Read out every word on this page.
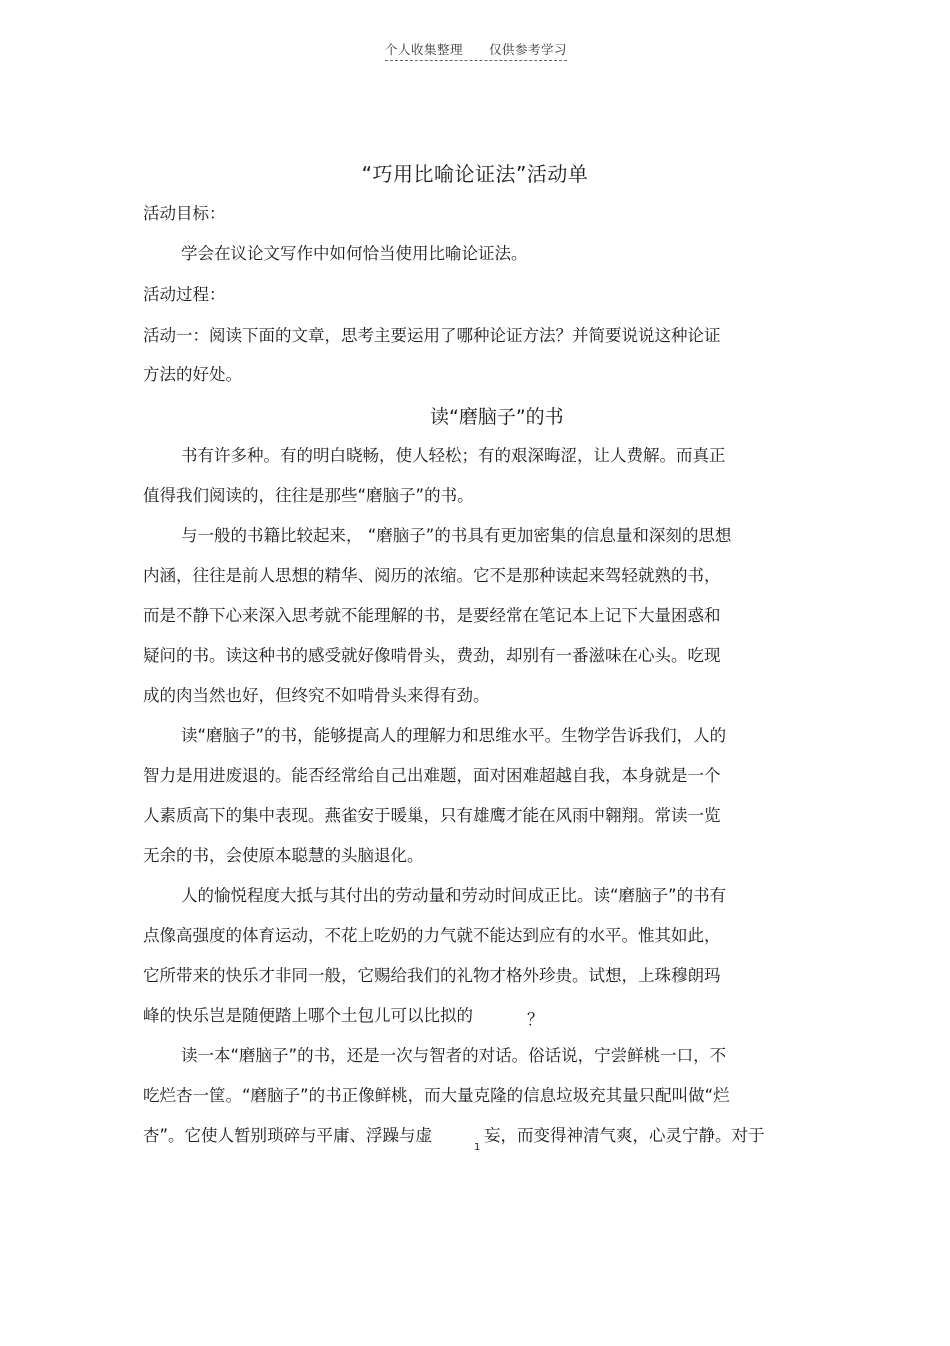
个人收集整理 仅供参考学习
“巧用比喻论证法”活动单
活动目标：
学会在议论文写作中如何恰当使用比喻论证法。
活动过程：
活动一：阅读下面的文章，思考主要运用了哪种论证方法？并简要说说这种论证
方法的好处。
读“磨脑子”的书
书有许多种。有的明白晓畅，使人轻松；有的艰深晦涩，让人费解。而真正
值得我们阅读的，往往是那些“磨脑子”的书。
与一般的书籍比较起来， “磨脑子”的书具有更加密集的信息量和深刻的思想
内涵，往往是前人思想的精华、阅历的浓缩。它不是那种读起来驾轻就熟的书，
而是不静下心来深入思考就不能理解的书，是要经常在笔记本上记下大量困惑和
疑问的书。读这种书的感受就好像啃骨头，费劲，却别有一番滋味在心头。吃现
成的肉当然也好，但终究不如啃骨头来得有劲。
读“磨脑子”的书，能够提高人的理解力和思维水平。生物学告诉我们，人的
智力是用进废退的。能否经常给自己出难题，面对困难超越自我，本身就是一个
人素质高下的集中表现。燕雀安于暖巢，只有雄鹰才能在风雨中翱翔。常读一览
无余的书，会使原本聪慧的头脑退化。
人的愉悦程度大抵与其付出的劳动量和劳动时间成正比。读“磨脑子”的书有
点像高强度的体育运动，不花上吃奶的力气就不能达到应有的水平。惟其如此，
它所带来的快乐才非同一般，它赐给我们的礼物才格外珍贵。试想，上珠穆朗玛
峰的快乐岂是随便踏上哪个土包儿可以比拟的	？
读一本“磨脑子”的书，还是一次与智者的对话。俗话说，宁尝鲜桃一口，不
吃烂杏一筐。“磨脑子”的书正像鲜桃，而大量克隆的信息垃圾充其量只配叫做“烂
杏”。它使人暂别琐碎与平庸、浮躁与虚	妄，而变得神清气爽，心灵宁静。对于
1
